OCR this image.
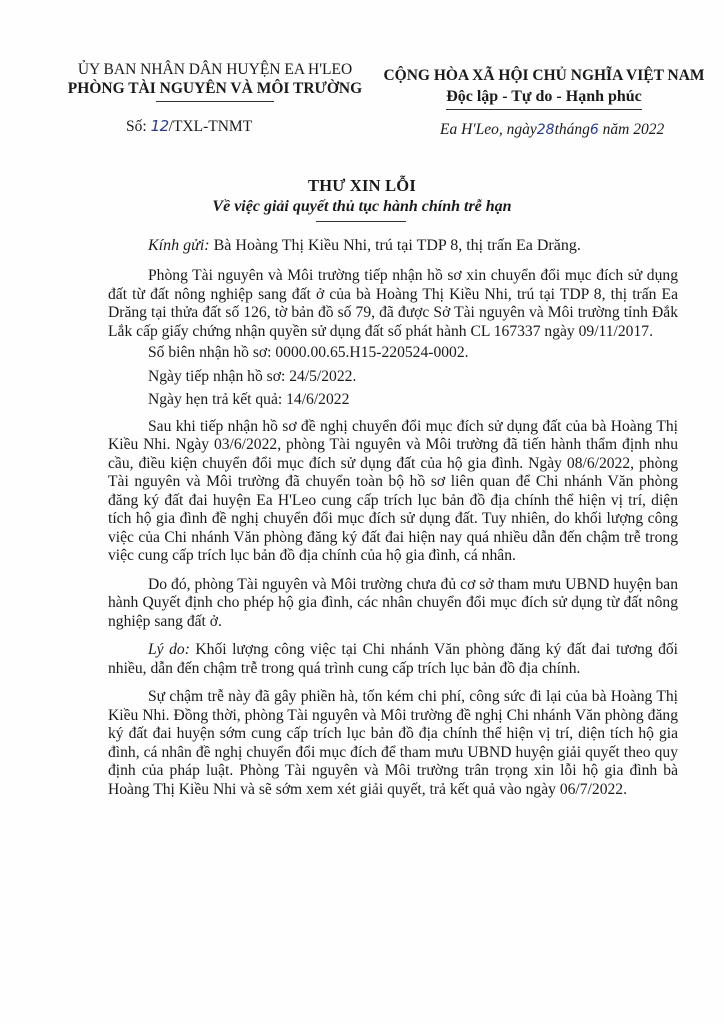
ỦY BAN NHÂN DÂN HUYỆN EA H'LEO
PHÒNG TÀI NGUYÊN VÀ MÔI TRƯỜNG
CỘNG HÒA XÃ HỘI CHỦ NGHĨA VIỆT NAM
Độc lập - Tự do - Hạnh phúc
Số: 12/TXL-TNMT	Ea H'Leo, ngày28tháng6 năm 2022
THƯ XIN LỖI
Về việc giải quyết thủ tục hành chính trễ hạn
Kính gửi: Bà Hoàng Thị Kiều Nhi, trú tại TDP 8, thị trấn Ea Drăng.

Phòng Tài nguyên và Môi trường tiếp nhận hồ sơ xin chuyển đổi mục đích sử dụng đất từ đất nông nghiệp sang đất ở của bà Hoàng Thị Kiều Nhi, trú tại TDP 8, thị trấn Ea Drăng tại thửa đất số 126, tờ bản đồ số 79, đã được Sở Tài nguyên và Môi trường tỉnh Đắk Lắk cấp giấy chứng nhận quyền sử dụng đất số phát hành CL 167337 ngày 09/11/2017.

Số biên nhận hồ sơ: 0000.00.65.H15-220524-0002.

Ngày tiếp nhận hồ sơ: 24/5/2022.

Ngày hẹn trả kết quả: 14/6/2022

Sau khi tiếp nhận hồ sơ đề nghị chuyển đổi mục đích sử dụng đất của bà Hoàng Thị Kiều Nhi. Ngày 03/6/2022, phòng Tài nguyên và Môi trường đã tiến hành thẩm định nhu cầu, điều kiện chuyển đổi mục đích sử dụng đất của hộ gia đình. Ngày 08/6/2022, phòng Tài nguyên và Môi trường đã chuyển toàn bộ hồ sơ liên quan để Chi nhánh Văn phòng đăng ký đất đai huyện Ea H'Leo cung cấp trích lục bản đồ địa chính thể hiện vị trí, diện tích hộ gia đình đề nghị chuyển đổi mục đích sử dụng đất. Tuy nhiên, do khối lượng công việc của Chi nhánh Văn phòng đăng ký đất đai hiện nay quá nhiều dẫn đến chậm trễ trong việc cung cấp trích lục bản đồ địa chính của hộ gia đình, cá nhân.

Do đó, phòng Tài nguyên và Môi trường chưa đủ cơ sở tham mưu UBND huyện ban hành Quyết định cho phép hộ gia đình, các nhân chuyển đổi mục đích sử dụng từ đất nông nghiệp sang đất ở.

Lý do: Khối lượng công việc tại Chi nhánh Văn phòng đăng ký đất đai tương đối nhiều, dẫn đến chậm trễ trong quá trình cung cấp trích lục bản đồ địa chính.

Sự chậm trễ này đã gây phiền hà, tốn kém chi phí, công sức đi lại của bà Hoàng Thị Kiều Nhi. Đồng thời, phòng Tài nguyên và Môi trường đề nghị Chi nhánh Văn phòng đăng ký đất đai huyện sớm cung cấp trích lục bản đồ địa chính thể hiện vị trí, diện tích hộ gia đình, cá nhân đề nghị chuyển đổi mục đích để tham mưu UBND huyện giải quyết theo quy định của pháp luật. Phòng Tài nguyên và Môi trường trân trọng xin lỗi hộ gia đình bà Hoàng Thị Kiều Nhi và sẽ sớm xem xét giải quyết, trả kết quả vào ngày 06/7/2022.
